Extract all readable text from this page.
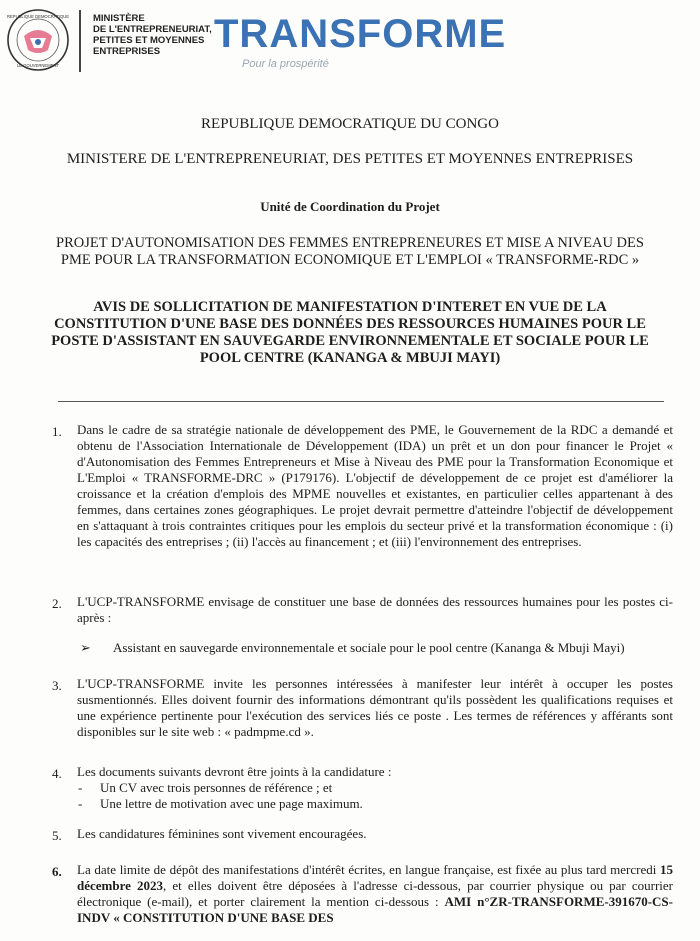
REPUBLIQUE DEMOCRATIQUE
LE GOUVERNEMENT
MINISTÈRE
DE L'ENTREPRENEURIAT,
PETITES ET MOYENNES
ENTREPRISES	TRANSFORME
Pour la prospérité
REPUBLIQUE DEMOCRATIQUE DU CONGO
MINISTERE DE L'ENTREPRENEURIAT, DES PETITES ET MOYENNES ENTREPRISES
Unité de Coordination du Projet
PROJET D'AUTONOMISATION DES FEMMES ENTREPRENEURES ET MISE A NIVEAU DES PME POUR LA TRANSFORMATION ECONOMIQUE ET L'EMPLOI « TRANSFORME-RDC »
AVIS DE SOLLICITATION DE MANIFESTATION D'INTERET EN VUE DE LA CONSTITUTION D'UNE BASE DES DONNÉES DES RESSOURCES HUMAINES POUR LE POSTE D'ASSISTANT EN SAUVEGARDE ENVIRONNEMENTALE ET SOCIALE POUR LE POOL CENTRE (KANANGA & MBUJI MAYI)
1. Dans le cadre de sa stratégie nationale de développement des PME, le Gouvernement de la RDC a demandé et obtenu de l'Association Internationale de Développement (IDA) un prêt et un don pour financer le Projet « d'Autonomisation des Femmes Entrepreneurs et Mise à Niveau des PME pour la Transformation Economique et L'Emploi « TRANSFORME-DRC » (P179176). L'objectif de développement de ce projet est d'améliorer la croissance et la création d'emplois des MPME nouvelles et existantes, en particulier celles appartenant à des femmes, dans certaines zones géographiques. Le projet devrait permettre d'atteindre l'objectif de développement en s'attaquant à trois contraintes critiques pour les emplois du secteur privé et la transformation économique : (i) les capacités des entreprises ; (ii) l'accès au financement ; et (iii) l'environnement des entreprises.
2. L'UCP-TRANSFORME envisage de constituer une base de données des ressources humaines pour les postes ci-après :
➢ Assistant en sauvegarde environnementale et sociale pour le pool centre (Kananga & Mbuji Mayi)
3. L'UCP-TRANSFORME invite les personnes intéressées à manifester leur intérêt à occuper les postes susmentionnés. Elles doivent fournir des informations démontrant qu'ils possèdent les qualifications requises et une expérience pertinente pour l'exécution des services liés ce poste . Les termes de références y afférants sont disponibles sur le site web : « padmpme.cd ».
4. Les documents suivants devront être joints à la candidature :
- Un CV avec trois personnes de référence ; et
- Une lettre de motivation avec une page maximum.
5. Les candidatures féminines sont vivement encouragées.
6. La date limite de dépôt des manifestations d'intérêt écrites, en langue française, est fixée au plus tard mercredi 15 décembre 2023, et elles doivent être déposées à l'adresse ci-dessous, par courrier physique ou par courrier électronique (e-mail), et porter clairement la mention ci-dessous : AMI n°ZR-TRANSFORME-391670-CS-INDV « CONSTITUTION D'UNE BASE DES
